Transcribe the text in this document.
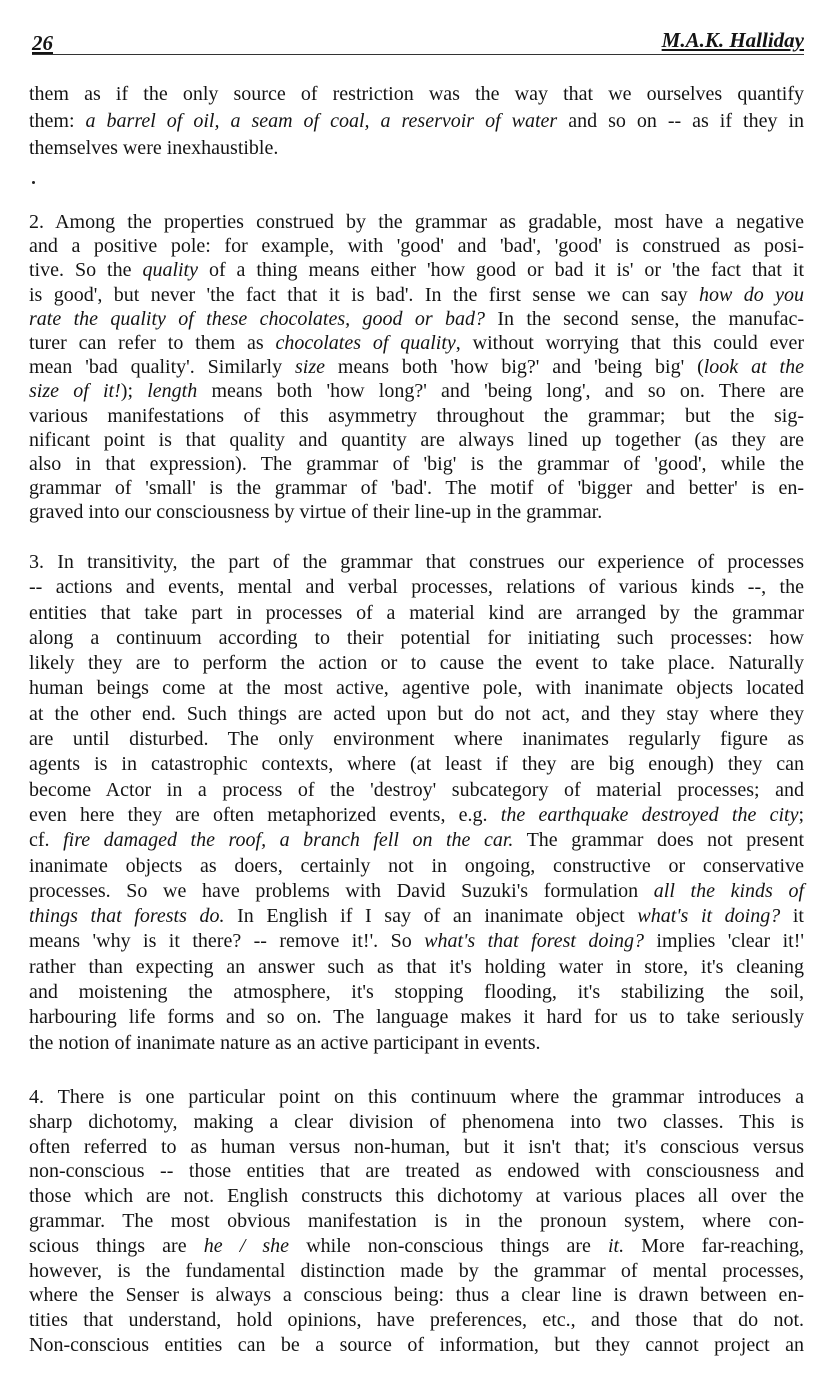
26	M.A.K. Halliday
them as if the only source of restriction was the way that we ourselves quantify
them: a barrel of oil, a seam of coal, a reservoir of water and so on -- as if they in
themselves were inexhaustible.
2. Among the properties construed by the grammar as gradable, most have a negative
and a positive pole: for example, with 'good' and 'bad', 'good' is construed as posi-
tive. So the quality of a thing means either 'how good or bad it is' or 'the fact that it
is good', but never 'the fact that it is bad'. In the first sense we can say how do you
rate the quality of these chocolates, good or bad? In the second sense, the manufac-
turer can refer to them as chocolates of quality, without worrying that this could ever
mean 'bad quality'. Similarly size means both 'how big?' and 'being big' (look at the
size of it!); length means both 'how long?' and 'being long', and so on. There are
various manifestations of this asymmetry throughout the grammar; but the sig-
nificant point is that quality and quantity are always lined up together (as they are
also in that expression). The grammar of 'big' is the grammar of 'good', while the
grammar of 'small' is the grammar of 'bad'. The motif of 'bigger and better' is en-
graved into our consciousness by virtue of their line-up in the grammar.
3. In transitivity, the part of the grammar that construes our experience of processes
-- actions and events, mental and verbal processes, relations of various kinds --, the
entities that take part in processes of a material kind are arranged by the grammar
along a continuum according to their potential for initiating such processes: how
likely they are to perform the action or to cause the event to take place. Naturally
human beings come at the most active, agentive pole, with inanimate objects located
at the other end. Such things are acted upon but do not act, and they stay where they
are until disturbed. The only environment where inanimates regularly figure as
agents is in catastrophic contexts, where (at least if they are big enough) they can
become Actor in a process of the 'destroy' subcategory of material processes; and
even here they are often metaphorized events, e.g. the earthquake destroyed the city;
cf. fire damaged the roof, a branch fell on the car. The grammar does not present
inanimate objects as doers, certainly not in ongoing, constructive or conservative
processes. So we have problems with David Suzuki's formulation all the kinds of
things that forests do. In English if I say of an inanimate object what's it doing? it
means 'why is it there? -- remove it!'. So what's that forest doing? implies 'clear it!'
rather than expecting an answer such as that it's holding water in store, it's cleaning
and moistening the atmosphere, it's stopping flooding, it's stabilizing the soil,
harbouring life forms and so on. The language makes it hard for us to take seriously
the notion of inanimate nature as an active participant in events.
4. There is one particular point on this continuum where the grammar introduces a
sharp dichotomy, making a clear division of phenomena into two classes. This is
often referred to as human versus non-human, but it isn't that; it's conscious versus
non-conscious -- those entities that are treated as endowed with consciousness and
those which are not. English constructs this dichotomy at various places all over the
grammar. The most obvious manifestation is in the pronoun system, where con-
scious things are he / she while non-conscious things are it. More far-reaching,
however, is the fundamental distinction made by the grammar of mental processes,
where the Senser is always a conscious being: thus a clear line is drawn between en-
tities that understand, hold opinions, have preferences, etc., and those that do not.
Non-conscious entities can be a source of information, but they cannot project an
